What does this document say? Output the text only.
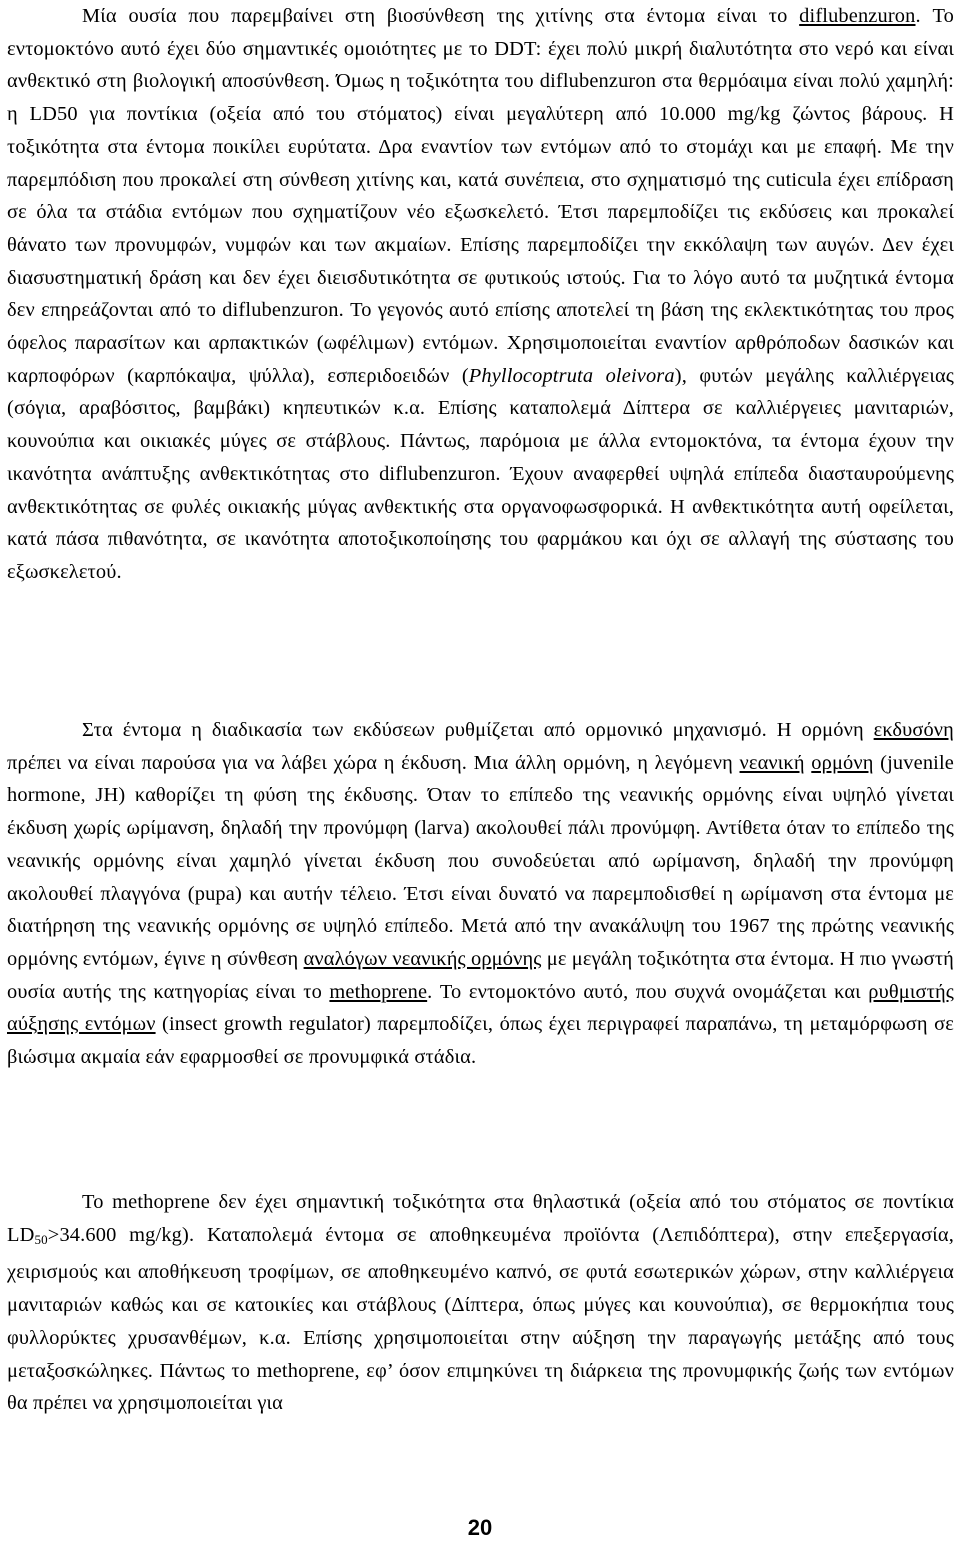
Μία ουσία που παρεμβαίνει στη βιοσύνθεση της χιτίνης στα έντομα είναι το diflubenzuron. Το εντομοκτόνο αυτό έχει δύο σημαντικές ομοιότητες με το DDT: έχει πολύ μικρή διαλυτότητα στο νερό και είναι ανθεκτικό στη βιολογική αποσύνθεση. Όμως η τοξικότητα του diflubenzuron στα θερμόαιμα είναι πολύ χαμηλή: η LD50 για ποντίκια (οξεία από του στόματος) είναι μεγαλύτερη από 10.000 mg/kg ζώντος βάρους. Η τοξικότητα στα έντομα ποικίλει ευρύτατα. Δρα εναντίον των εντόμων από το στομάχι και με επαφή. Με την παρεμπόδιση που προκαλεί στη σύνθεση χιτίνης και, κατά συνέπεια, στο σχηματισμό της cuticula έχει επίδραση σε όλα τα στάδια εντόμων που σχηματίζουν νέο εξωσκελετό. Έτσι παρεμποδίζει τις εκδύσεις και προκαλεί θάνατο των προνυμφών, νυμφών και των ακμαίων. Επίσης παρεμποδίζει την εκκόλαψη των αυγών. Δεν έχει διασυστηματική δράση και δεν έχει διεισδυτικότητα σε φυτικούς ιστούς. Για το λόγο αυτό τα μυζητικά έντομα δεν επηρεάζονται από το diflubenzuron. Το γεγονός αυτό επίσης αποτελεί τη βάση της εκλεκτικότητας του προς όφελος παρασίτων και αρπακτικών (ωφέλιμων) εντόμων. Χρησιμοποιείται εναντίον αρθρόποδων δασικών και καρποφόρων (καρπόκαψα, ψύλλα), εσπεριδοειδών (Phyllocoptruta oleivora), φυτών μεγάλης καλλιέργειας (σόγια, αραβόσιτος, βαμβάκι) κηπευτικών κ.α. Επίσης καταπολεμά Δίπτερα σε καλλιέργειες μανιταριών, κουνούπια και οικιακές μύγες σε στάβλους. Πάντως, παρόμοια με άλλα εντομοκτόνα, τα έντομα έχουν την ικανότητα ανάπτυξης ανθεκτικότητας στο diflubenzuron. Έχουν αναφερθεί υψηλά επίπεδα διασταυρούμενης ανθεκτικότητας σε φυλές οικιακής μύγας ανθεκτικής στα οργανοφωσφορικά. Η ανθεκτικότητα αυτή οφείλεται, κατά πάσα πιθανότητα, σε ικανότητα αποτοξικοποίησης του φαρμάκου και όχι σε αλλαγή της σύστασης του εξωσκελετού.

Στα έντομα η διαδικασία των εκδύσεων ρυθμίζεται από ορμονικό μηχανισμό. Η ορμόνη εκδυσόνη πρέπει να είναι παρούσα για να λάβει χώρα η έκδυση. Μια άλλη ορμόνη, η λεγόμενη νεανική ορμόνη (juvenile hormone, JH) καθορίζει τη φύση της έκδυσης. Όταν το επίπεδο της νεανικής ορμόνης είναι υψηλό γίνεται έκδυση χωρίς ωρίμανση, δηλαδή την προνύμφη (larva) ακολουθεί πάλι προνύμφη. Αντίθετα όταν το επίπεδο της νεανικής ορμόνης είναι χαμηλό γίνεται έκδυση που συνοδεύεται από ωρίμανση, δηλαδή την προνύμφη ακολουθεί πλαγγόνα (pupa) και αυτήν τέλειο. Έτσι είναι δυνατό να παρεμποδισθεί η ωρίμανση στα έντομα με διατήρηση της νεανικής ορμόνης σε υψηλό επίπεδο. Μετά από την ανακάλυψη του 1967 της πρώτης νεανικής ορμόνης εντόμων, έγινε η σύνθεση αναλόγων νεανικής ορμόνης με μεγάλη τοξικότητα στα έντομα. Η πιο γνωστή ουσία αυτής της κατηγορίας είναι το methoprene. Το εντομοκτόνο αυτό, που συχνά ονομάζεται και ρυθμιστής αύξησης εντόμων (insect growth regulator) παρεμποδίζει, όπως έχει περιγραφεί παραπάνω, τη μεταμόρφωση σε βιώσιμα ακμαία εάν εφαρμοσθεί σε προνυμφικά στάδια.

Το methoprene δεν έχει σημαντική τοξικότητα στα θηλαστικά (οξεία από του στόματος σε ποντίκια $LD_{50}>34.600$ mg/kg). Καταπολεμά έντομα σε αποθηκευμένα προϊόντα (Λεπιδόπτερα), στην επεξεργασία, χειρισμούς και αποθήκευση τροφίμων, σε αποθηκευμένο καπνό, σε φυτά εσωτερικών χώρων, στην καλλιέργεια μανιταριών καθώς και σε κατοικίες και στάβλους (Δίπτερα, όπως μύγες και κουνούπια), σε θερμοκήπια τους φυλλορύκτες χρυσανθέμων, κ.α. Επίσης χρησιμοποιείται στην αύξηση την παραγωγής μετάξης από τους μεταξοσκώληκες. Πάντως το methoprene, εφ’ όσον επιμηκύνει τη διάρκεια της προνυμφικής ζωής των εντόμων θα πρέπει να χρησιμοποιείται για

20
